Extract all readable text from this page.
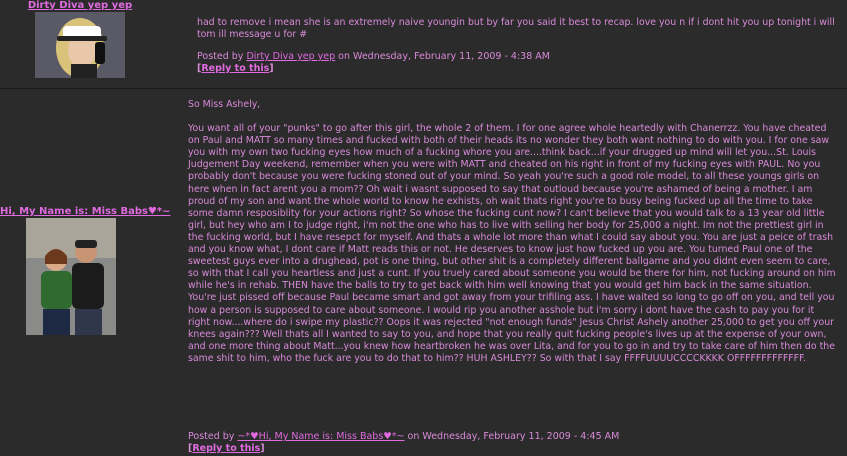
Dirty Diva yep yep

had to remove i mean she is an extremely naive youngin but by far you said it best to recap. love you n if i dont hit you up tonight i will tom ill message u for #

Posted by Dirty Diva yep yep on Wednesday, February 11, 2009 - 4:38 AM
[Reply to this]
Hi, My Name is: Miss Babs♥*~

So Miss Ashely,

You want all of your "punks" to go after this girl, the whole 2 of them. I for one agree whole heartedly with Chanerrzz. You have cheated on Paul and MATT so many times and fucked with both of their heads its no wonder they both want nothing to do with you. I for one saw you with my own two fucking eyes how much of a fucking whore you are....think back...if your drugged up mind will let you...St. Louis Judgement Day weekend, remember when you were with MATT and cheated on his right in front of my fucking eyes with PAUL. No you probably don't because you were fucking stoned out of your mind. So yeah you're such a good role model, to all these youngs girls on here when in fact arent you a mom?? Oh wait i wasnt supposed to say that outloud because you're ashamed of being a mother. I am proud of my son and want the whole world to know he exhists, oh wait thats right you're to busy being fucked up all the time to take some damn resposiblity for your actions right? So whose the fucking cunt now? I can't believe that you would talk to a 13 year old little girl, but hey who am I to judge right, i'm not the one who has to live with selling her body for 25,000 a night. Im not the prettiest girl in the fucking world, but I have resepct for myself. And thats a whole lot more than what I could say about you. You are just a peice of trash and you know what, I dont care if Matt reads this or not. He deserves to know just how fucked up you are. You turned Paul one of the sweetest guys ever into a drughead, pot is one thing, but other shit is a completely different ballgame and you didnt even seem to care, so with that I call you heartless and just a cunt. If you truely cared about someone you would be there for him, not fucking around on him while he's in rehab. THEN have the balls to try to get back with him well knowing that you would get him back in the same situation. You're just pissed off because Paul became smart and got away from your trifiling ass. I have waited so long to go off on you, and tell you how a person is supposed to care about someone. I would rip you another asshole but i'm sorry i dont have the cash to pay you for it right now....where do i swipe my plastic?? Oops it was rejected "not enough funds" Jesus Christ Ashely another 25,000 to get you off your knees again??? Well thats all I wanted to say to you, and hope that you really quit fucking people's lives up at the expense of your own, and one more thing about Matt...you knew how heartbroken he was over Lita, and for you to go in and try to take care of him then do the same shit to him, who the fuck are you to do that to him?? HUH ASHLEY?? So with that I say FFFFUUUUCCCCKKKK OFFFFFFFFFFFFF.

Posted by ~*♥Hi, My Name is: Miss Babs♥*~ on Wednesday, February 11, 2009 - 4:45 AM
[Reply to this]
